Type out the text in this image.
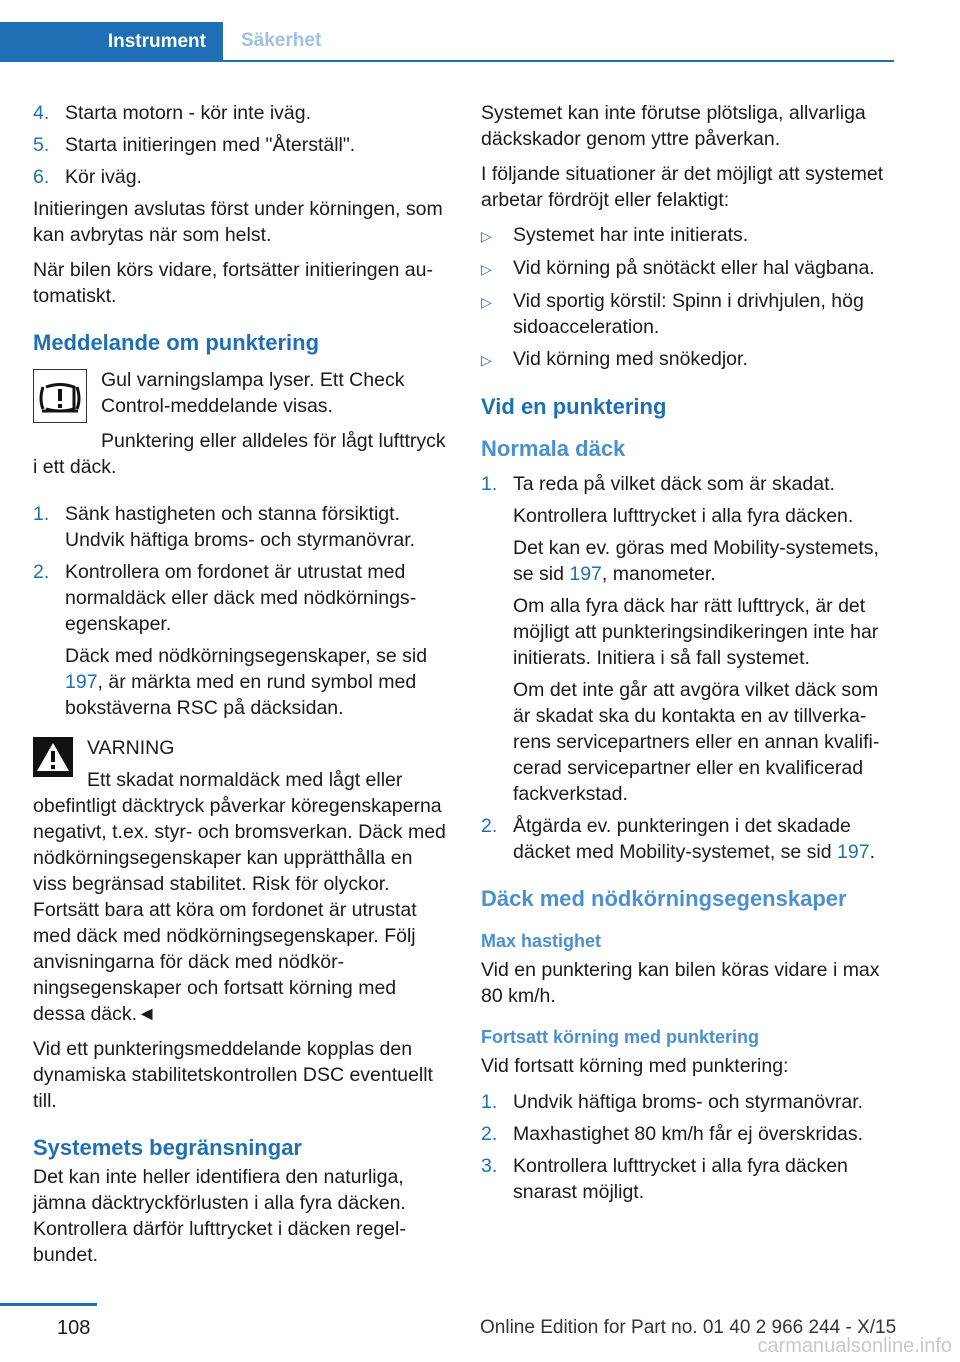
Instrument	Säkerhet
4. Starta motorn - kör inte iväg.
5. Starta initieringen med "Återställ".
6. Kör iväg.

Initieringen avslutas först under körningen, som kan avbrytas när som helst.

När bilen körs vidare, fortsätter initieringen automatiskt.

Meddelande om punktering

Gul varningslampa lyser. Ett Check Control-meddelande visas.

Punktering eller alldeles för lågt lufttryck i ett däck.

1. Sänk hastigheten och stanna försiktigt. Undvik häftiga broms- och styrmanövrar.
2. Kontrollera om fordonet är utrustat med normaldäck eller däck med nödkörningsegenskaper.
Däck med nödkörningsegenskaper, se sid 197, är märkta med en rund symbol med bokstäverna RSC på däcksidan.
VARNING

Ett skadat normaldäck med lågt eller obefintligt däcktryck påverkar köregenskaperna negativt, t.ex. styr- och bromsverkan. Däck med nödkörningsegenskaper kan upprätthålla en viss begränsad stabilitet. Risk för olyckor. Fortsätt bara att köra om fordonet är utrustat med däck med nödkörningsegenskaper. Följ anvisningarna för däck med nödkörningsegenskaper och fortsatt körning med dessa däck.◄

Vid ett punkteringsmeddelande kopplas den dynamiska stabilitetskontrollen DSC eventuellt till.

Systemets begränsningar

Det kan inte heller identifiera den naturliga, jämna däcktryckförlusten i alla fyra däcken. Kontrollera därför lufttrycket i däcken regelbundet.

Systemet kan inte förutse plötsliga, allvarliga däckskador genom yttre påverkan.

I följande situationer är det möjligt att systemet arbetar fördröjt eller felaktigt:

▷	Systemet har inte initierats.
▷	Vid körning på snötäckt eller hal vägbana.
▷	Vid sportig körstil: Spinn i drivhjulen, hög sidoacceleration.
▷	Vid körning med snökedjor.
Vid en punktering
Normala däck
1. Ta reda på vilket däck som är skadat.
Kontrollera lufttrycket i alla fyra däcken.
Det kan ev. göras med Mobility-systemets, se sid 197, manometer.
Om alla fyra däck har rätt lufttryck, är det möjligt att punkteringsindikeringen inte har initierats. Initiera i så fall systemet.
Om det inte går att avgöra vilket däck som är skadat ska du kontakta en av tillverkarens servicepartners eller en annan kvalificerad servicepartner eller en kvalificerad fackverkstad.
2. Åtgärda ev. punkteringen i det skadade däcket med Mobility-systemet, se sid 197.
Däck med nödkörningsegenskaper
Max hastighet

Vid en punktering kan bilen köras vidare i max 80 km/h.

Fortsatt körning med punktering

Vid fortsatt körning med punktering:

1. Undvik häftiga broms- och styrmanövrar.
2. Maxhastighet 80 km/h får ej överskridas.
3. Kontrollera lufttrycket i alla fyra däcken snarast möjligt.
108	Online Edition for Part no. 01 40 2 966 244 - X/15
carmanualsonline.info
